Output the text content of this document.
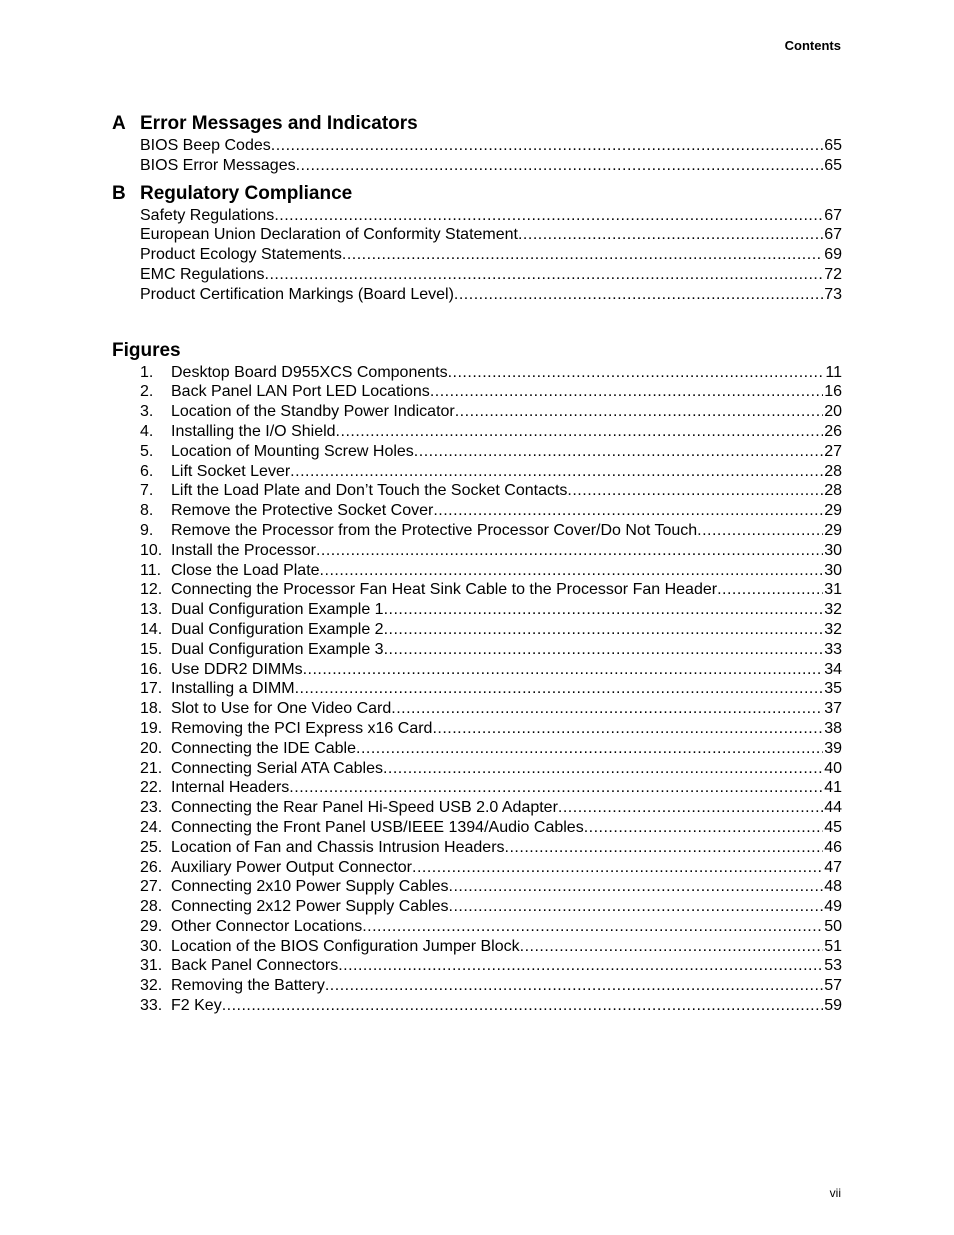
Contents
A Error Messages and Indicators
BIOS Beep Codes .....	65
BIOS Error Messages .....	65
B Regulatory Compliance
Safety Regulations .....	67
European Union Declaration of Conformity Statement .....	67
Product Ecology Statements .....	69
EMC Regulations .....	72
Product Certification Markings (Board Level) .....	73
Figures
1.	Desktop Board D955XCS Components .....	11
2.	Back Panel LAN Port LED Locations .....	16
3.	Location of the Standby Power Indicator .....	20
4.	Installing the I/O Shield .....	26
5.	Location of Mounting Screw Holes .....	27
6.	Lift Socket Lever .....	28
7.	Lift the Load Plate and Don’t Touch the Socket Contacts .....	28
8.	Remove the Protective Socket Cover .....	29
9.	Remove the Processor from the Protective Processor Cover/Do Not Touch .....	29
10. Install the Processor .....	30
11. Close the Load Plate .....	30
12. Connecting the Processor Fan Heat Sink Cable to the Processor Fan Header .....	31
13. Dual Configuration Example 1 .....	32
14. Dual Configuration Example 2 .....	32
15. Dual Configuration Example 3 .....	33
16. Use DDR2 DIMMs .....	34
17. Installing a DIMM .....	35
18. Slot to Use for One Video Card .....	37
19. Removing the PCI Express x16 Card .....	38
20. Connecting the IDE Cable .....	39
21. Connecting Serial ATA Cables .....	40
22. Internal Headers .....	41
23. Connecting the Rear Panel Hi-Speed USB 2.0 Adapter .....	44
24. Connecting the Front Panel USB/IEEE 1394/Audio Cables .....	45
25. Location of Fan and Chassis Intrusion Headers .....	46
26. Auxiliary Power Output Connector .....	47
27. Connecting 2x10 Power Supply Cables .....	48
28. Connecting 2x12 Power Supply Cables .....	49
29. Other Connector Locations .....	50
30. Location of the BIOS Configuration Jumper Block .....	51
31. Back Panel Connectors .....	53
32. Removing the Battery .....	57
33. F2 Key .....	59
vii
